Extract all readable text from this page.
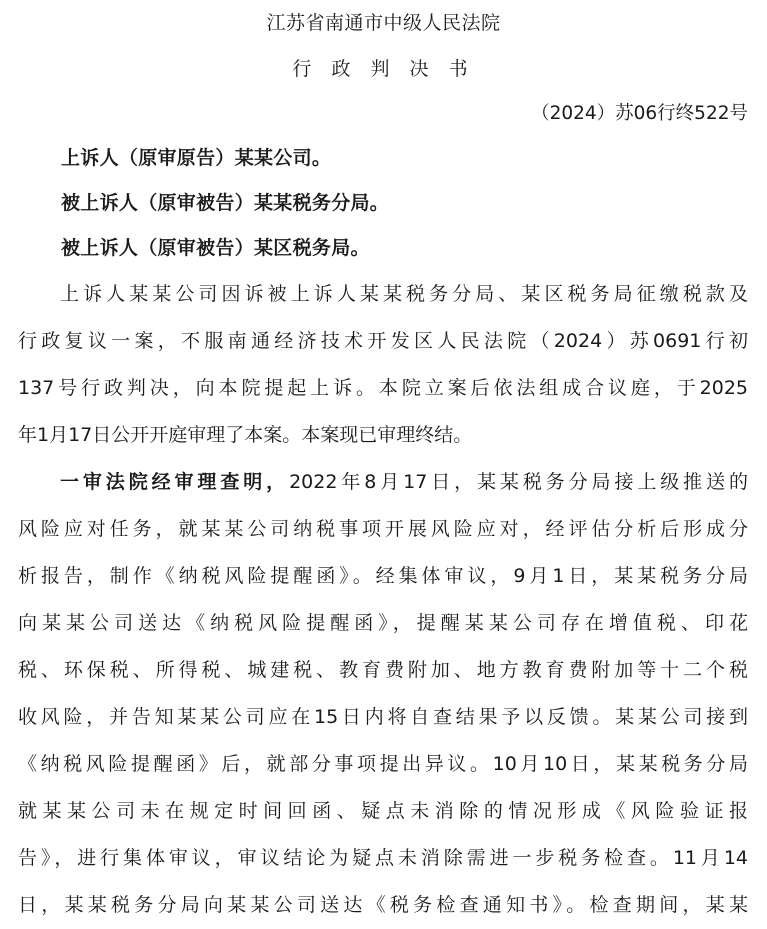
江苏省南通市中级人民法院
行 政 判 决 书
（2024）苏06行终522号
上诉人（原审原告）某某公司。
被上诉人（原审被告）某某税务分局。
被上诉人（原审被告）某区税务局。
上诉人某某公司因诉被上诉人某某税务分局、某区税务局征缴税款及
行政复议一案，不服南通经济技术开发区人民法院（2024）苏0691行初
137号行政判决，向本院提起上诉。本院立案后依法组成合议庭，于2025
年1月17日公开开庭审理了本案。本案现已审理终结。
一审法院经审理查明，2022年8月17日，某某税务分局接上级推送的
风险应对任务，就某某公司纳税事项开展风险应对，经评估分析后形成分
析报告，制作《纳税风险提醒函》。经集体审议，9月1日，某某税务分局
向某某公司送达《纳税风险提醒函》，提醒某某公司存在增值税、印花
税、环保税、所得税、城建税、教育费附加、地方教育费附加等十二个税
收风险，并告知某某公司应在15日内将自查结果予以反馈。某某公司接到
《纳税风险提醒函》后，就部分事项提出异议。10月10日，某某税务分局
就某某公司未在规定时间回函、疑点未消除的情况形成《风险验证报
告》，进行集体审议，审议结论为疑点未消除需进一步税务检查。11月14
日，某某税务分局向某某公司送达《税务检查通知书》。检查期间，某某
